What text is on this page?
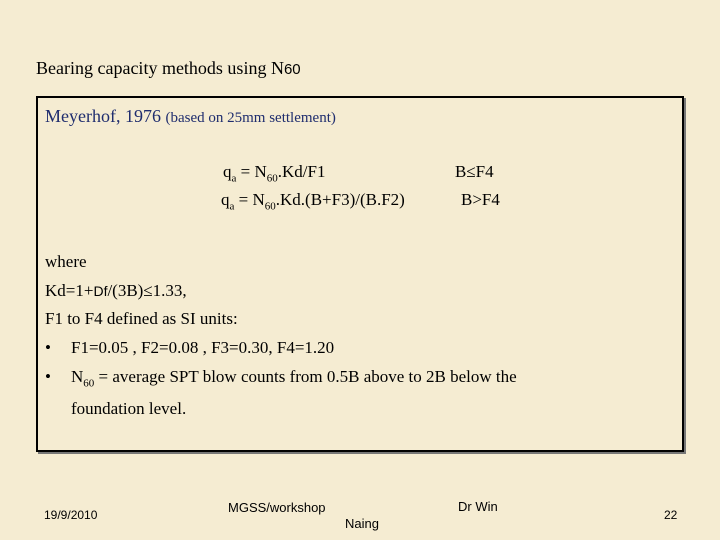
Bearing capacity methods using N60
Meyerhof, 1976 (based on 25mm settlement)
$q_a = N_{60}.Kd/F1$	B≤F4
$q_a = N_{60}.Kd.(B+F3)/(B.F2)$	B>F4
where
Kd=1+Df/(3B)≤1.33,
F1 to F4 defined as SI units:
• F1=0.05 , F2=0.08 , F3=0.30, F4=1.20
• $N_{60}$ = average SPT blow counts from 0.5B above to 2B below the
foundation level.
19/9/2010	MGSS/workshop
Naing
Dr Win
22
